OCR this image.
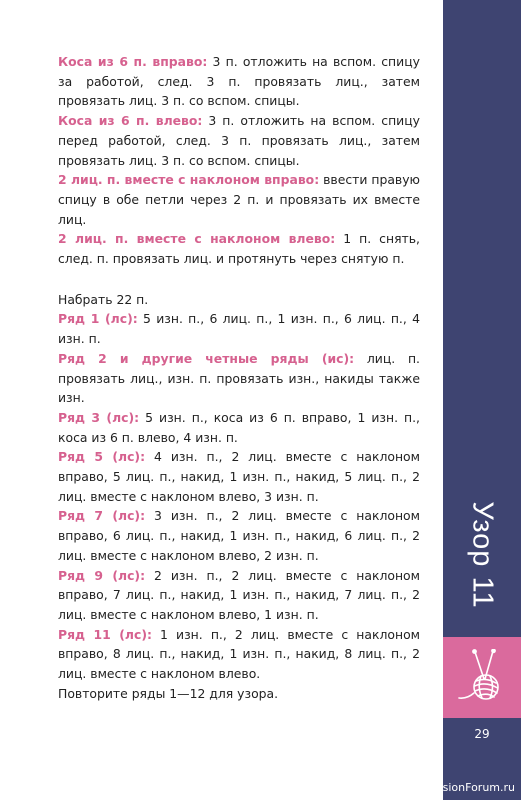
Коса из 6 п. вправо: 3 п. отложить на вспом. спицу за работой, след. 3 п. провязать лиц., затем провязать лиц. 3 п. со вспом. спицы.

Коса из 6 п. влево: 3 п. отложить на вспом. спицу перед работой, след. 3 п. провязать лиц., затем провязать лиц. 3 п. со вспом. спицы.

2 лиц. п. вместе с наклоном вправо: ввести правую спицу в обе петли через 2 п. и провязать их вместе лиц.

2 лиц. п. вместе с наклоном влево: 1 п. снять, след. п. провязать лиц. и протянуть через снятую п.

Набрать 22 п.

Ряд 1 (лс): 5 изн. п., 6 лиц. п., 1 изн. п., 6 лиц. п., 4 изн. п.

Ряд 2 и другие четные ряды (ис): лиц. п. провязать лиц., изн. п. провязать изн., накиды также изн.

Ряд 3 (лс): 5 изн. п., коса из 6 п. вправо, 1 изн. п., коса из 6 п. влево, 4 изн. п.

Ряд 5 (лс): 4 изн. п., 2 лиц. вместе с наклоном вправо, 5 лиц. п., накид, 1 изн. п., накид, 5 лиц. п., 2 лиц. вместе с наклоном влево, 3 изн. п.

Ряд 7 (лс): 3 изн. п., 2 лиц. вместе с наклоном вправо, 6 лиц. п., накид, 1 изн. п., накид, 6 лиц. п., 2 лиц. вместе с наклоном влево, 2 изн. п.

Ряд 9 (лс): 2 изн. п., 2 лиц. вместе с наклоном вправо, 7 лиц. п., накид, 1 изн. п., накид, 7 лиц. п., 2 лиц. вместе с наклоном влево, 1 изн. п.

Ряд 11 (лс): 1 изн. п., 2 лиц. вместе с наклоном вправо, 8 лиц. п., накид, 1 изн. п., накид, 8 лиц. п., 2 лиц. вместе с наклоном влево.

Повторите ряды 1—12 для узора.

Узор 11
29
PassionForum.ru
